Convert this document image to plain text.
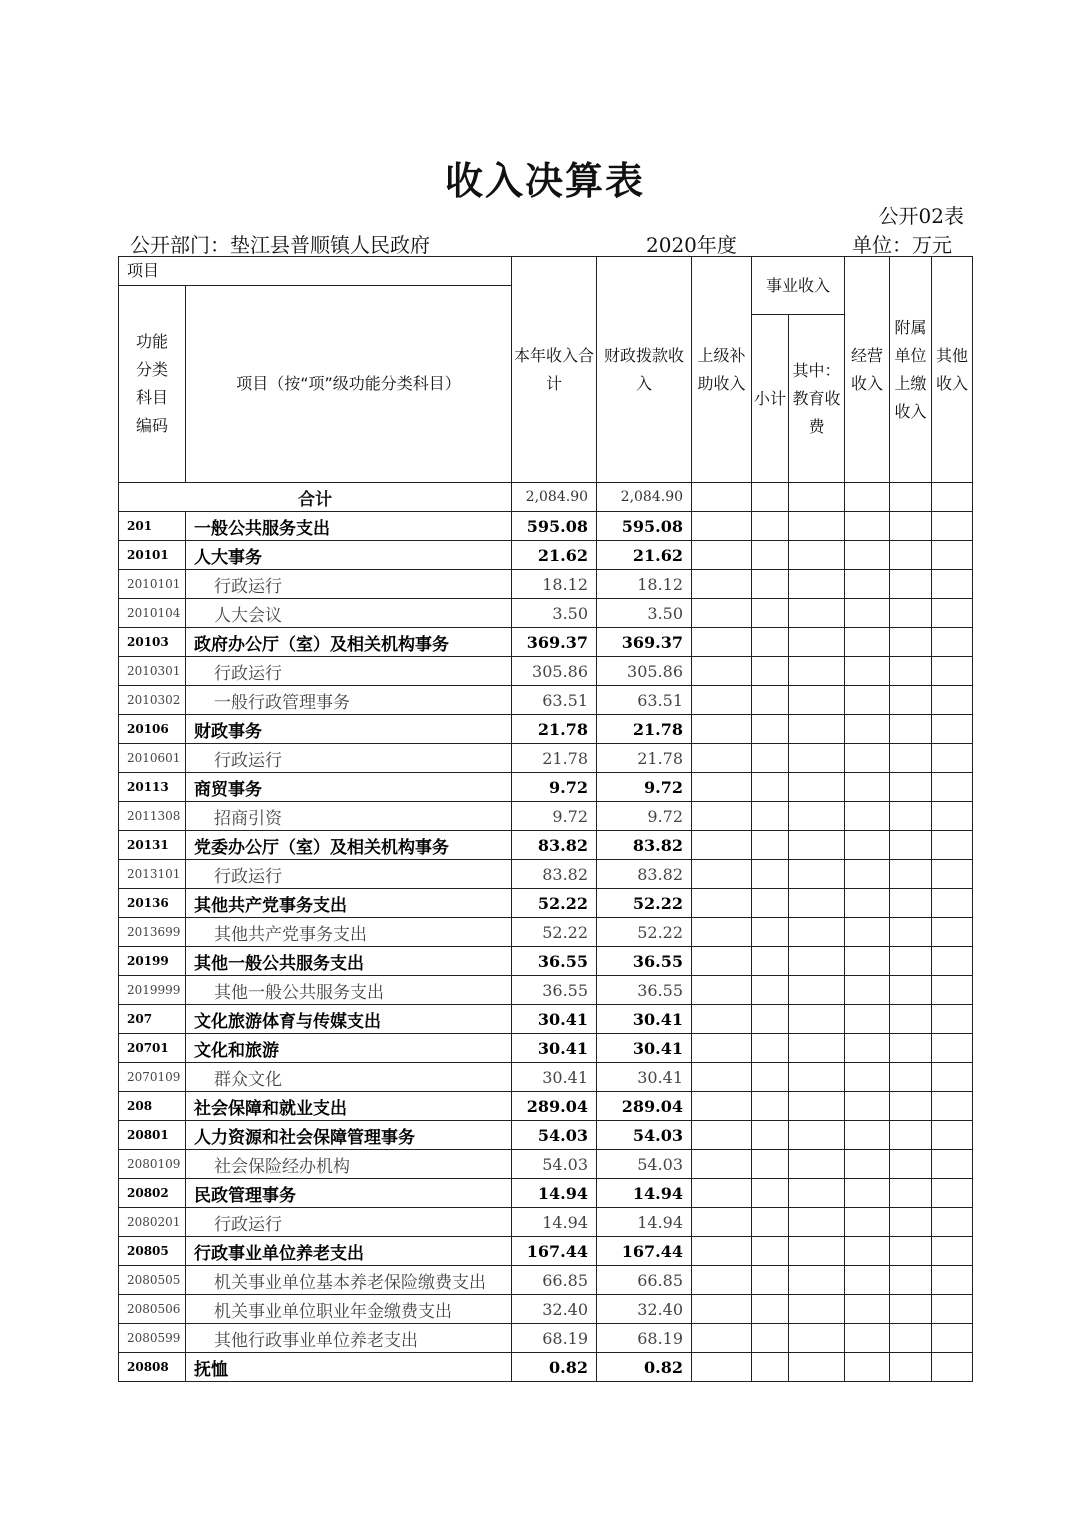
收入决算表
公开02表
公开部门：垫江县普顺镇人民政府	2020年度	单位：万元
项目		本年收入合计	财政拨款收入	上级补助收入	事业收入		经营收入	附属单位上缴收入	其他收入
功能分类科目编码	项目（按“项”级功能分类科目）								
					小计	其中：教育收费			
合计		2,084.90	2,084.90						
201	一般公共服务支出	595.08	595.08						
20101	人大事务	21.62	21.62						
2010101	行政运行	18.12	18.12						
2010104	人大会议	3.50	3.50						
20103	政府办公厅（室）及相关机构事务	369.37	369.37						
2010301	行政运行	305.86	305.86						
2010302	一般行政管理事务	63.51	63.51						
20106	财政事务	21.78	21.78						
2010601	行政运行	21.78	21.78						
20113	商贸事务	9.72	9.72						
2011308	招商引资	9.72	9.72						
20131	党委办公厅（室）及相关机构事务	83.82	83.82						
2013101	行政运行	83.82	83.82						
20136	其他共产党事务支出	52.22	52.22						
2013699	其他共产党事务支出	52.22	52.22						
20199	其他一般公共服务支出	36.55	36.55						
2019999	其他一般公共服务支出	36.55	36.55						
207	文化旅游体育与传媒支出	30.41	30.41						
20701	文化和旅游	30.41	30.41						
2070109	群众文化	30.41	30.41						
208	社会保障和就业支出	289.04	289.04						
20801	人力资源和社会保障管理事务	54.03	54.03						
2080109	社会保险经办机构	54.03	54.03						
20802	民政管理事务	14.94	14.94						
2080201	行政运行	14.94	14.94						
20805	行政事业单位养老支出	167.44	167.44						
2080505	机关事业单位基本养老保险缴费支出	66.85	66.85						
2080506	机关事业单位职业年金缴费支出	32.40	32.40						
2080599	其他行政事业单位养老支出	68.19	68.19						
20808	抚恤	0.82	0.82						
